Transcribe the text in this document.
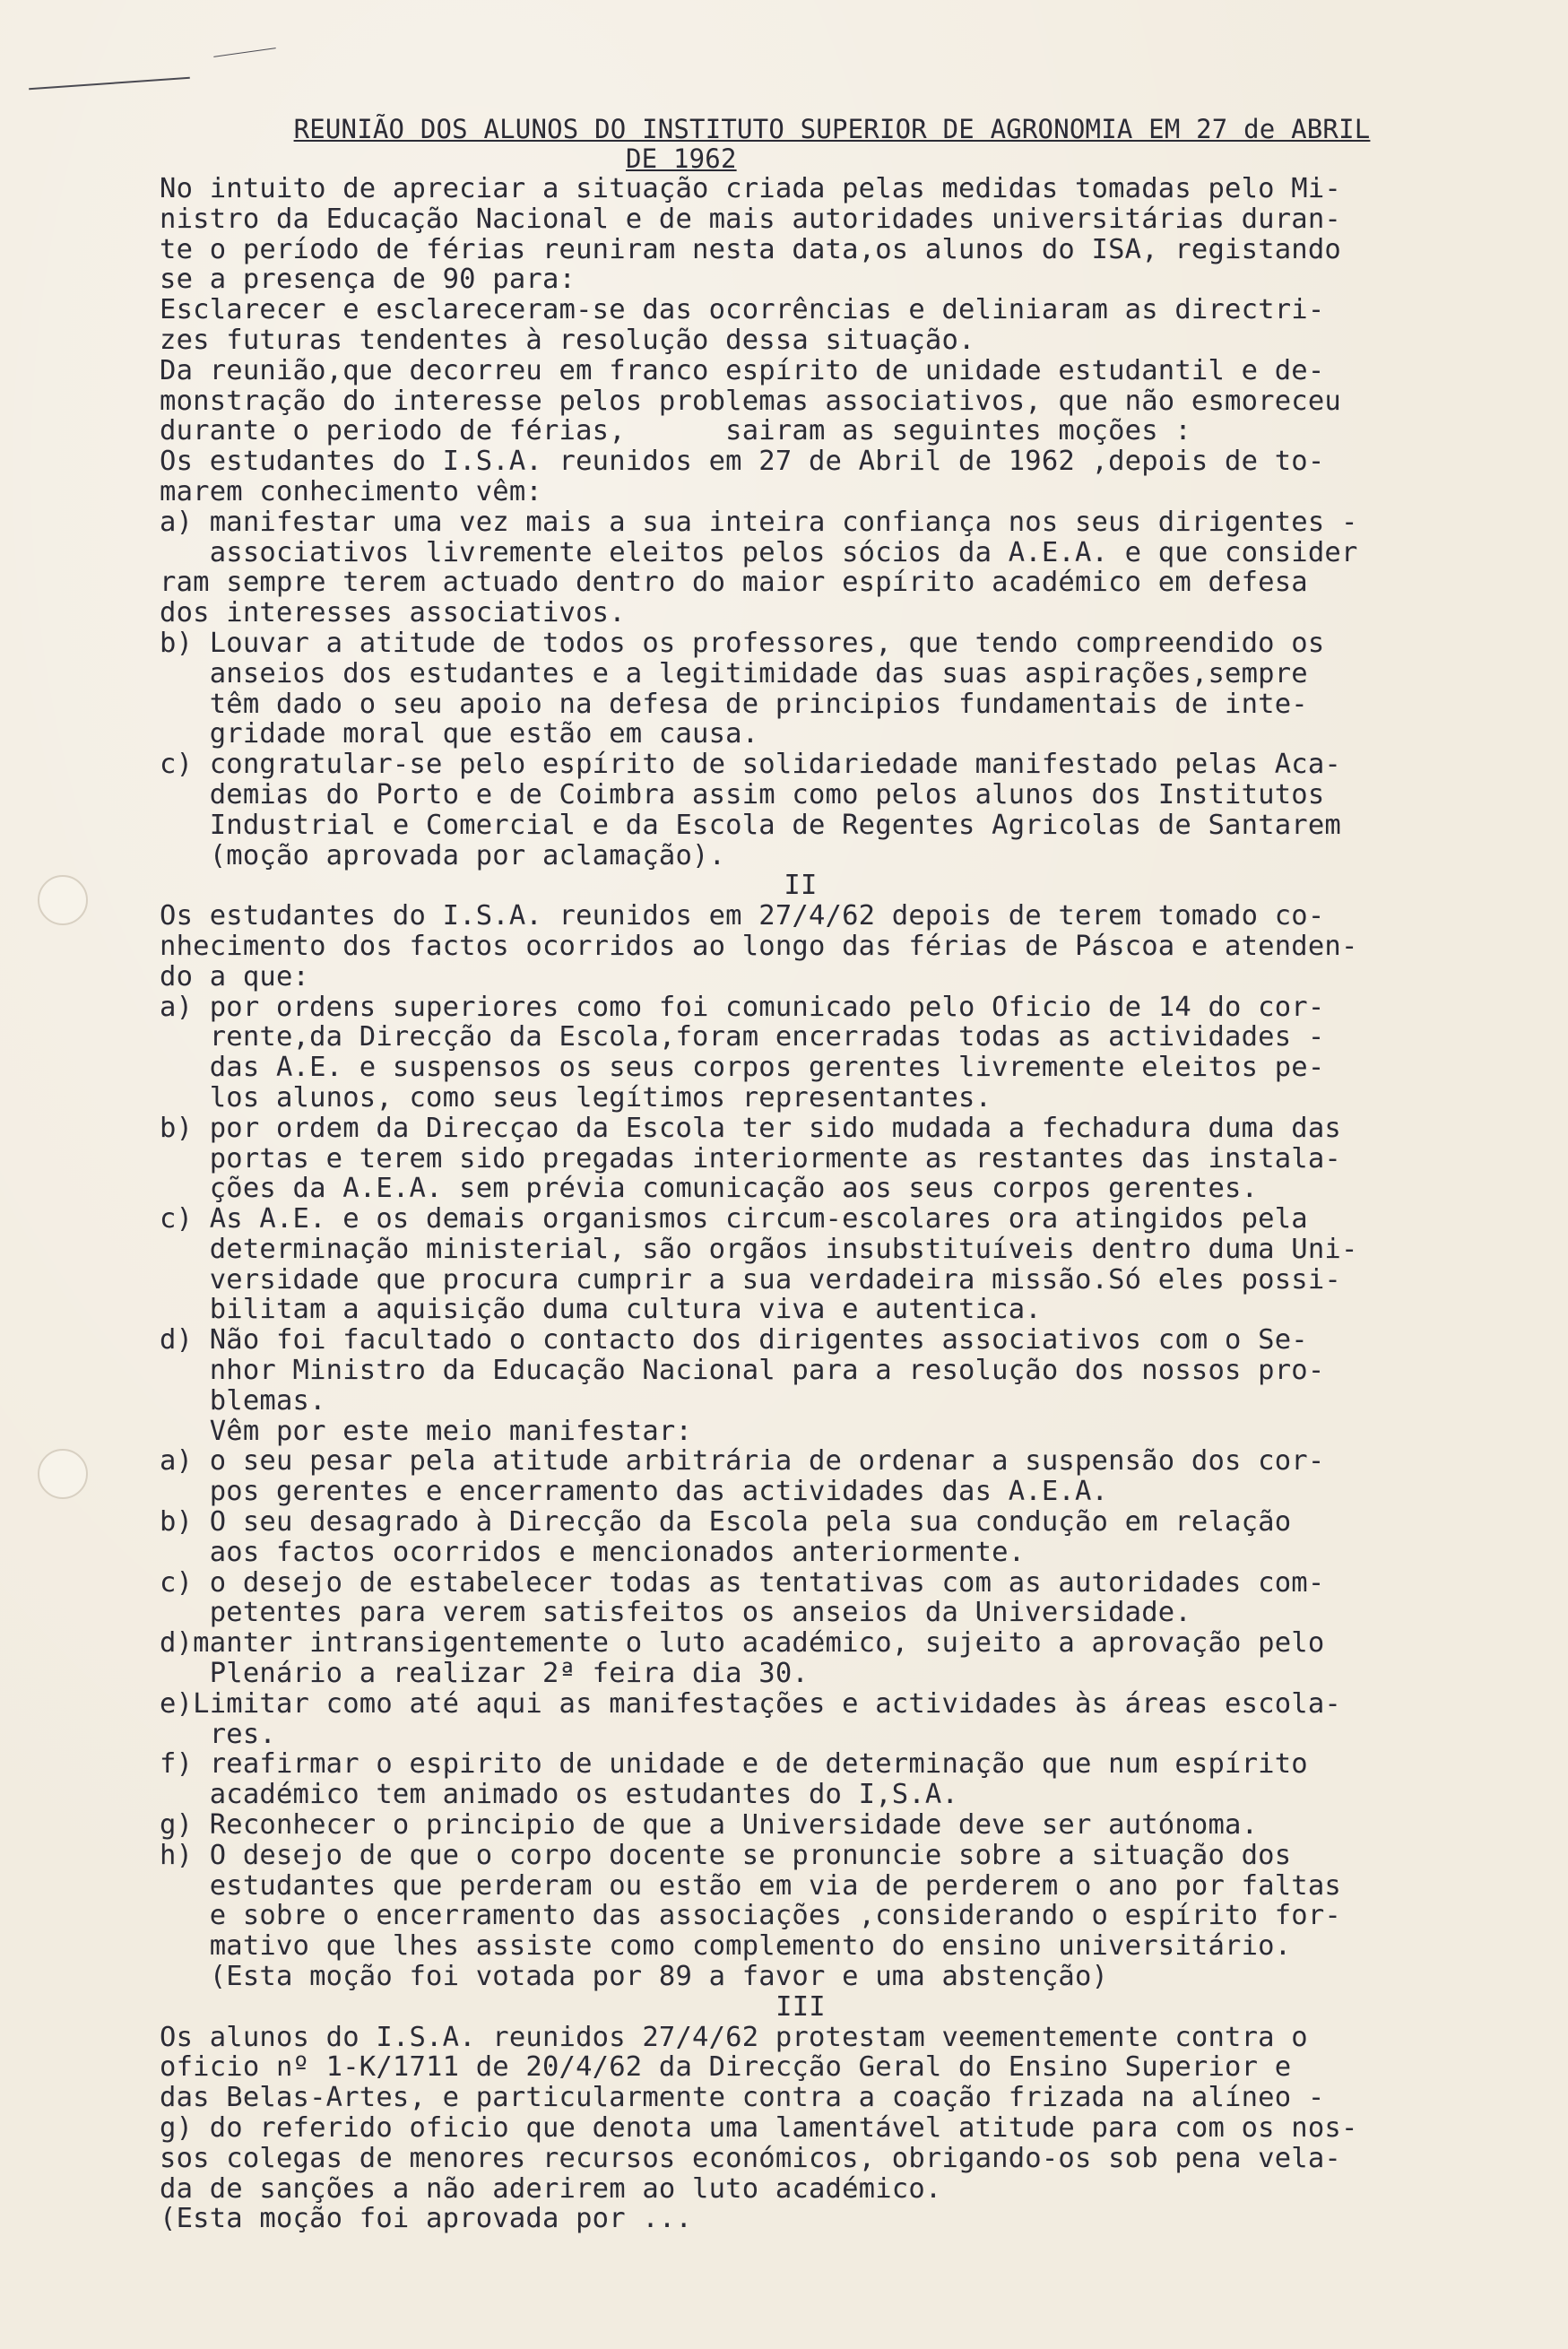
REUNIÃO DOS ALUNOS DO INSTITUTO SUPERIOR DE AGRONOMIA EM 27 de ABRIL
DE 1962
No intuito de apreciar a situação criada pelas medidas tomadas pelo Mi-
nistro da Educação Nacional e de mais autoridades universitárias duran-
te o período de férias reuniram nesta data,os alunos do ISA, registando
se a presença de 90 para:
Esclarecer e esclareceram-se das ocorrências e deliniaram as directri-
zes futuras tendentes à resolução dessa situação.
Da reunião,que decorreu em franco espírito de unidade estudantil e de-
monstração do interesse pelos problemas associativos, que não esmoreceu
durante o periodo de férias,      sairam as seguintes moções :
Os estudantes do I.S.A. reunidos em 27 de Abril de 1962 ,depois de to-
marem conhecimento vêm:
a) manifestar uma vez mais a sua inteira confiança nos seus dirigentes -
associativos livremente eleitos pelos sócios da A.E.A. e que consider
ram sempre terem actuado dentro do maior espírito académico em defesa
dos interesses associativos.
b) Louvar a atitude de todos os professores, que tendo compreendido os
anseios dos estudantes e a legitimidade das suas aspirações,sempre
têm dado o seu apoio na defesa de principios fundamentais de inte-
gridade moral que estão em causa.
c) congratular-se pelo espírito de solidariedade manifestado pelas Aca-
demias do Porto e de Coimbra assim como pelos alunos dos Institutos
Industrial e Comercial e da Escola de Regentes Agricolas de Santarem
(moção aprovada por aclamação).
II
Os estudantes do I.S.A. reunidos em 27/4/62 depois de terem tomado co-
nhecimento dos factos ocorridos ao longo das férias de Páscoa e atenden-
do a que:
a) por ordens superiores como foi comunicado pelo Oficio de 14 do cor-
rente,da Direcção da Escola,foram encerradas todas as actividades -
das A.E. e suspensos os seus corpos gerentes livremente eleitos pe-
los alunos, como seus legítimos representantes.
b) por ordem da Direcçao da Escola ter sido mudada a fechadura duma das
portas e terem sido pregadas interiormente as restantes das instala-
ções da A.E.A. sem prévia comunicação aos seus corpos gerentes.
c) As A.E. e os demais organismos circum-escolares ora atingidos pela
determinação ministerial, são orgãos insubstituíveis dentro duma Uni-
versidade que procura cumprir a sua verdadeira missão.Só eles possi-
bilitam a aquisição duma cultura viva e autentica.
d) Não foi facultado o contacto dos dirigentes associativos com o Se-
nhor Ministro da Educação Nacional para a resolução dos nossos pro-
blemas.
Vêm por este meio manifestar:
a) o seu pesar pela atitude arbitrária de ordenar a suspensão dos cor-
pos gerentes e encerramento das actividades das A.E.A.
b) O seu desagrado à Direcção da Escola pela sua condução em relação
aos factos ocorridos e mencionados anteriormente.
c) o desejo de estabelecer todas as tentativas com as autoridades com-
petentes para verem satisfeitos os anseios da Universidade.
d)manter intransigentemente o luto académico, sujeito a aprovação pelo
Plenário a realizar 2ª feira dia 30.
e)Limitar como até aqui as manifestações e actividades às áreas escola-
res.
f) reafirmar o espirito de unidade e de determinação que num espírito
académico tem animado os estudantes do I,S.A.
g) Reconhecer o principio de que a Universidade deve ser autónoma.
h) O desejo de que o corpo docente se pronuncie sobre a situação dos
estudantes que perderam ou estão em via de perderem o ano por faltas
e sobre o encerramento das associações ,considerando o espírito for-
mativo que lhes assiste como complemento do ensino universitário.
(Esta moção foi votada por 89 a favor e uma abstenção)
III
Os alunos do I.S.A. reunidos 27/4/62 protestam veementemente contra o
oficio nº 1-K/1711 de 20/4/62 da Direcção Geral do Ensino Superior e
das Belas-Artes, e particularmente contra a coação frizada na alíneo -
g) do referido oficio que denota uma lamentável atitude para com os nos-
sos colegas de menores recursos económicos, obrigando-os sob pena vela-
da de sanções a não aderirem ao luto académico.
(Esta moção foi aprovada por ...
